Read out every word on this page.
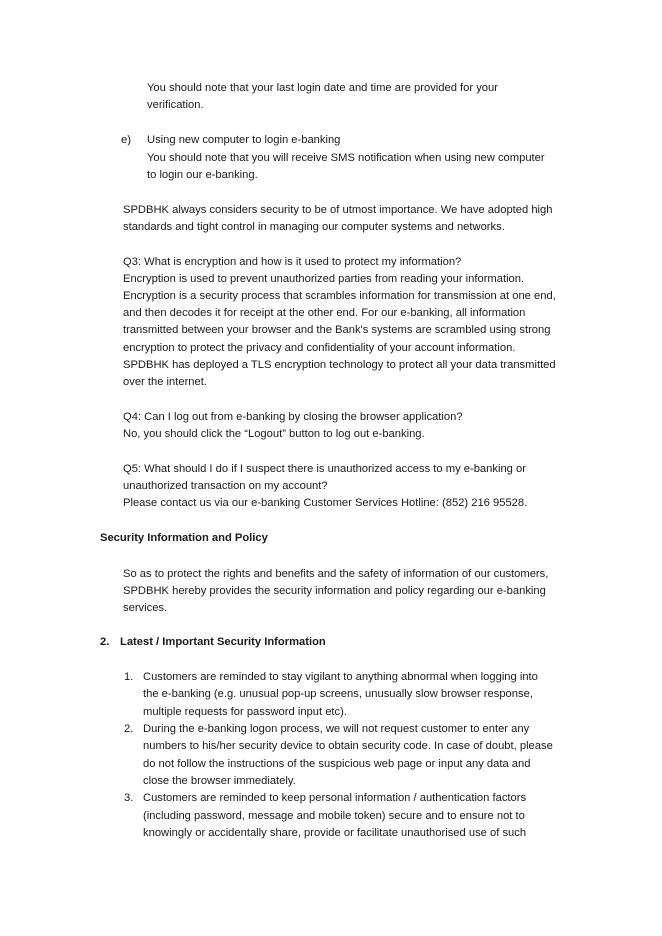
You should note that your last login date and time are provided for your
verification.
e) Using new computer to login e-banking
You should note that you will receive SMS notification when using new computer
to login our e-banking.
SPDBHK always considers security to be of utmost importance. We have adopted high
standards and tight control in managing our computer systems and networks.
Q3: What is encryption and how is it used to protect my information?
Encryption is used to prevent unauthorized parties from reading your information.
Encryption is a security process that scrambles information for transmission at one end,
and then decodes it for receipt at the other end. For our e-banking, all information
transmitted between your browser and the Bank's systems are scrambled using strong
encryption to protect the privacy and confidentiality of your account information.
SPDBHK has deployed a TLS encryption technology to protect all your data transmitted
over the internet.
Q4: Can I log out from e-banking by closing the browser application?
No, you should click the “Logout” button to log out e-banking.
Q5: What should I do if I suspect there is unauthorized access to my e-banking or
unauthorized transaction on my account?
Please contact us via our e-banking Customer Services Hotline: (852) 216 95528.
Security Information and Policy
So as to protect the rights and benefits and the safety of information of our customers,
SPDBHK hereby provides the security information and policy regarding our e-banking
services.
2. Latest / Important Security Information
1. Customers are reminded to stay vigilant to anything abnormal when logging into
the e-banking (e.g. unusual pop-up screens, unusually slow browser response,
multiple requests for password input etc).
2. During the e-banking logon process, we will not request customer to enter any
numbers to his/her security device to obtain security code. In case of doubt, please
do not follow the instructions of the suspicious web page or input any data and
close the browser immediately.
3. Customers are reminded to keep personal information / authentication factors
(including password, message and mobile token) secure and to ensure not to
knowingly or accidentally share, provide or facilitate unauthorised use of such
